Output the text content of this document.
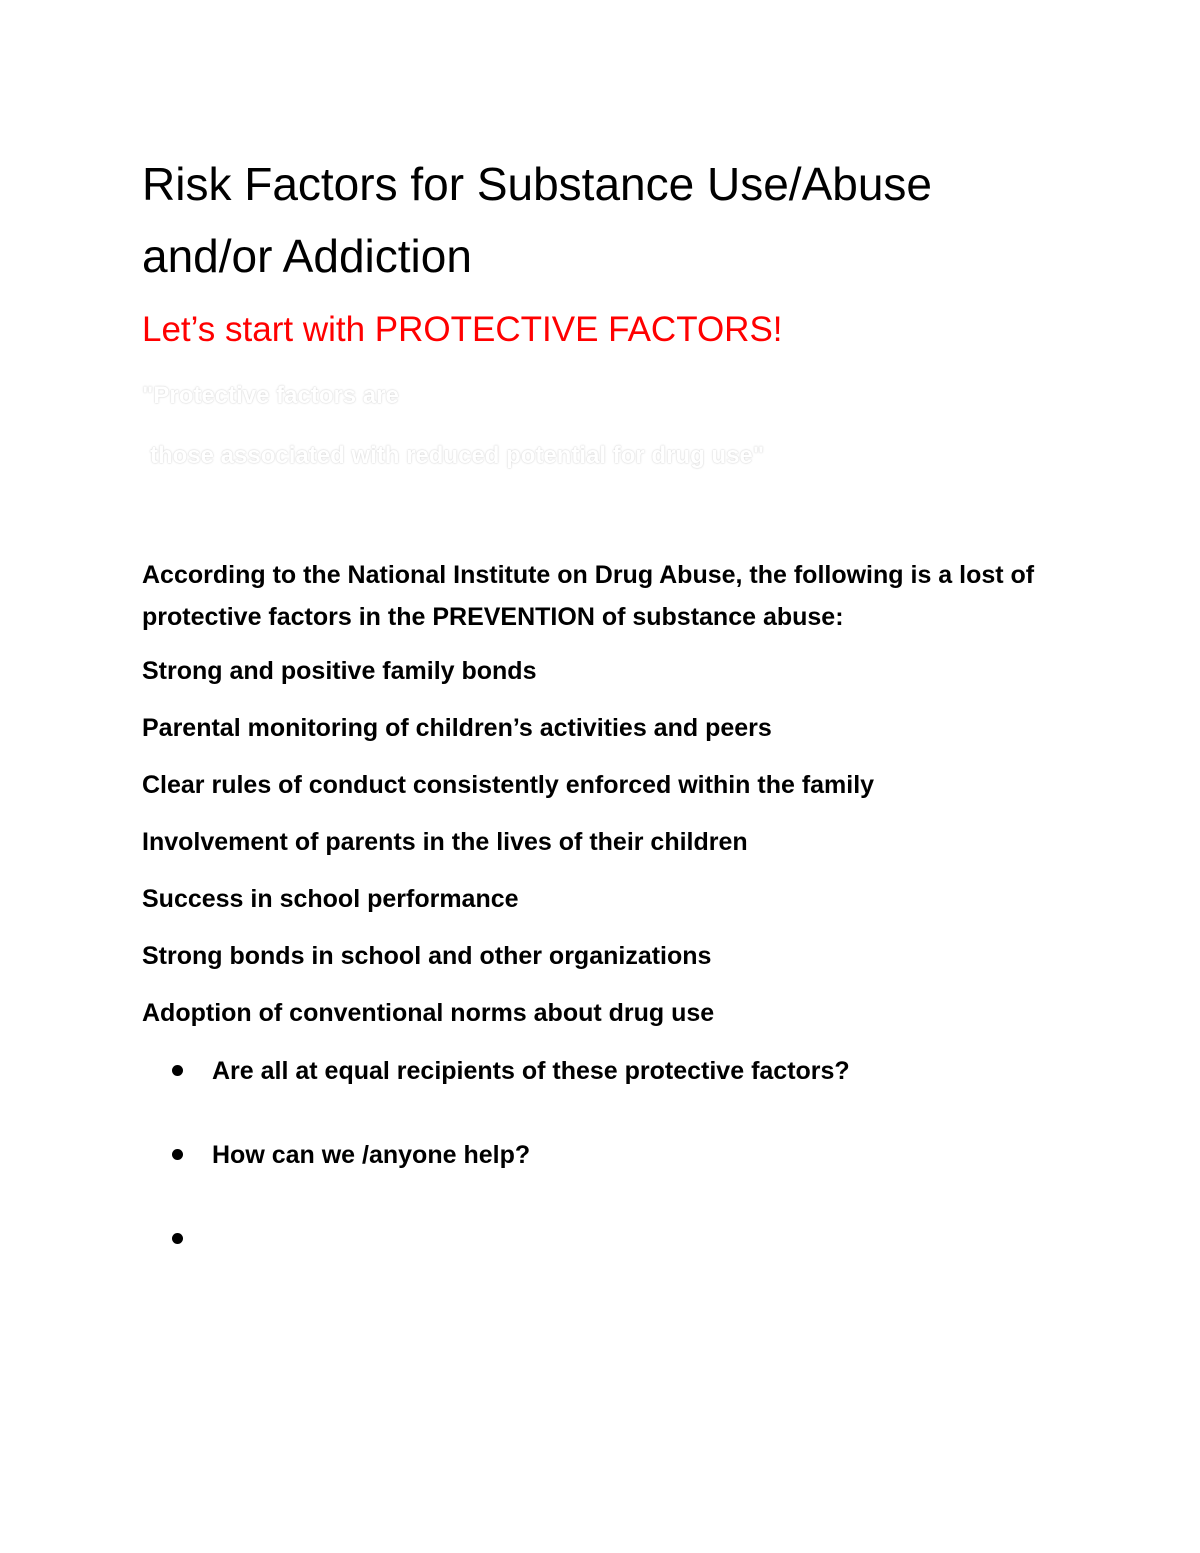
Risk Factors for Substance Use/Abuse and/or Addiction

Let’s start with PROTECTIVE FACTORS!

"Protective factors are

those associated with reduced potential for drug use"

According to the National Institute on Drug Abuse, the following is a lost of protective factors in the PREVENTION of substance abuse:

Strong and positive family bonds
Parental monitoring of children’s activities and peers
Clear rules of conduct consistently enforced within the family
Involvement of parents in the lives of their children
Success in school performance
Strong bonds in school and other organizations
Adoption of conventional norms about drug use
Are all at equal recipients of these protective factors?
How can we /anyone help?
